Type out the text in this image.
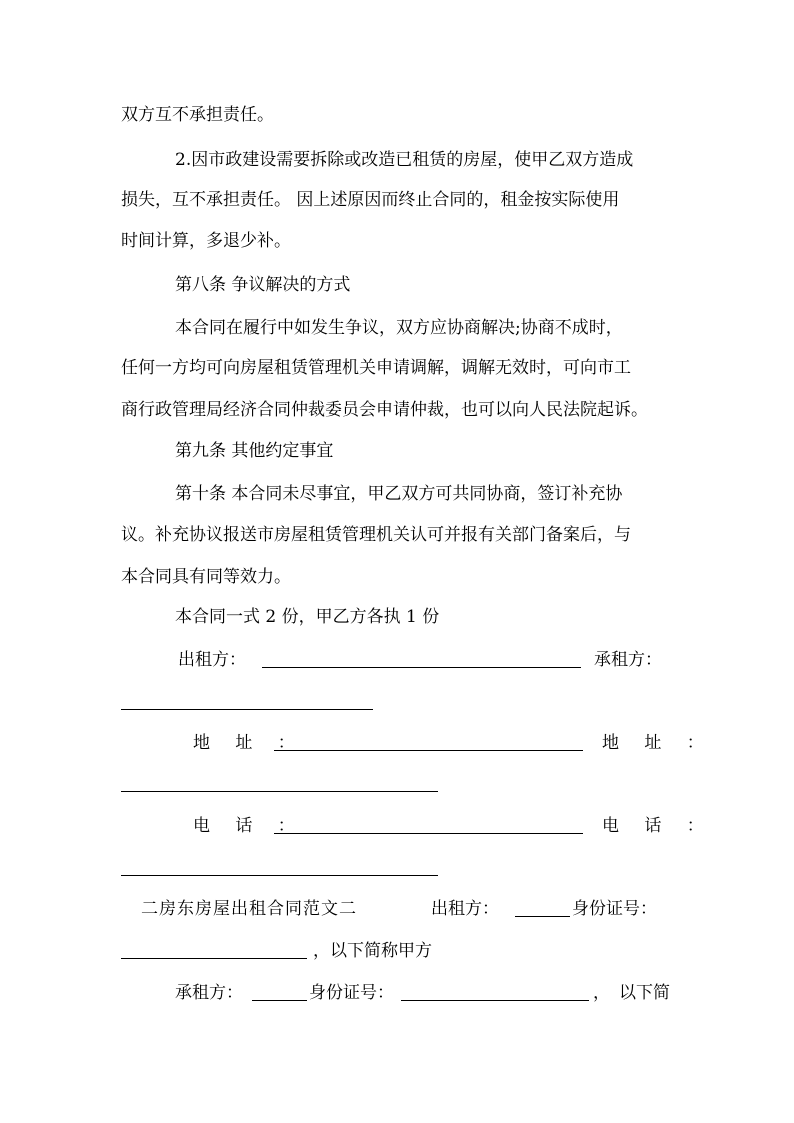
双方互不承担责任。
2.因市政建设需要拆除或改造已租赁的房屋，使甲乙双方造成
损失，互不承担责任。 因上述原因而终止合同的，租金按实际使用
时间计算，多退少补。
第八条 争议解决的方式
本合同在履行中如发生争议，双方应协商解决;协商不成时，
任何一方均可向房屋租赁管理机关申请调解，调解无效时，可向市工
商行政管理局经济合同仲裁委员会申请仲裁，也可以向人民法院起诉。
第九条 其他约定事宜
第十条 本合同未尽事宜，甲乙双方可共同协商，签订补充协
议。补充协议报送市房屋租赁管理机关认可并报有关部门备案后，与
本合同具有同等效力。
本合同一式 2 份，甲乙方各执 1 份
出租方：	承租方：
地 址 ：	地 址 ：
电 话 ：	电 话 ：
二房东房屋出租合同范文二	出租方：	身份证号：
，以下简称甲方
承租方：	身份证号：	， 以下简
